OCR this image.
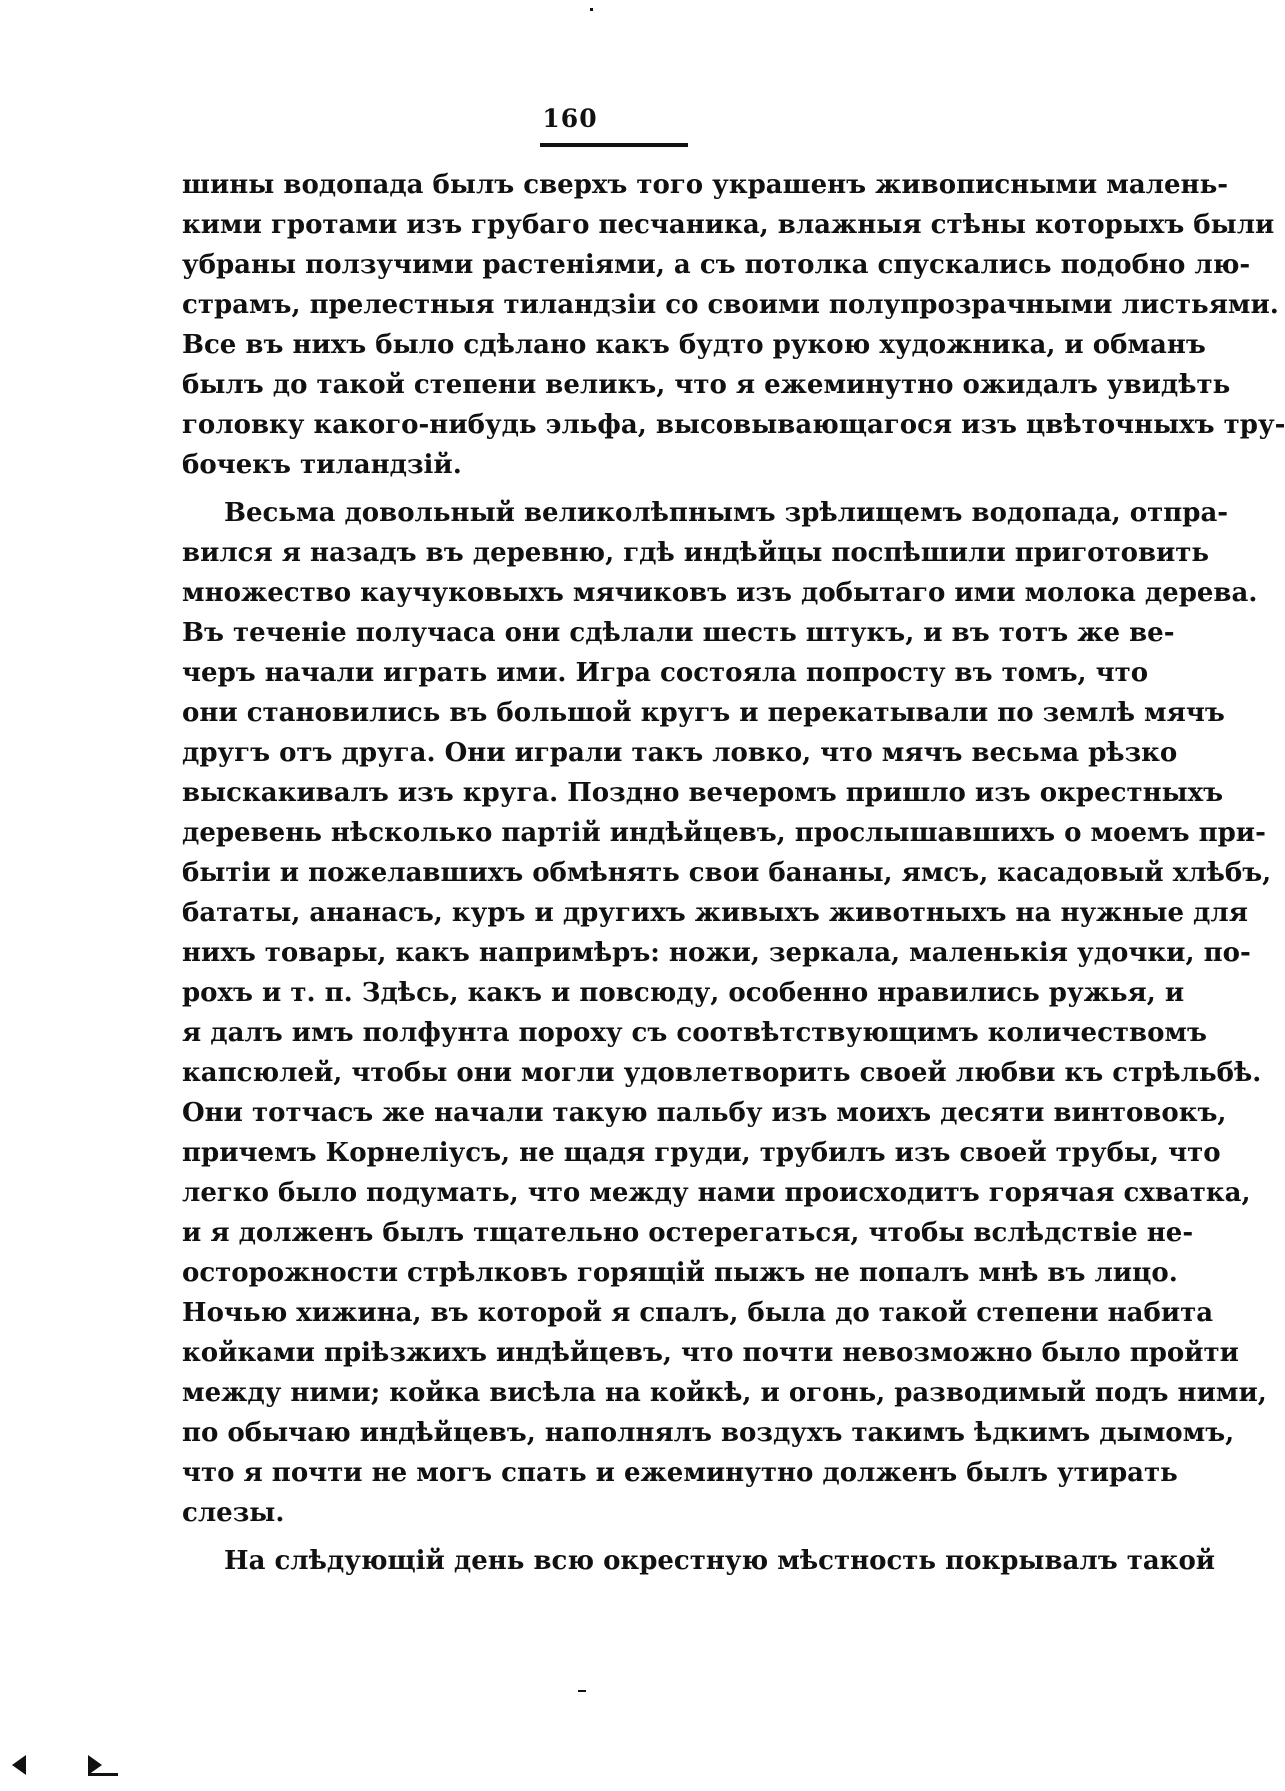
160
шины водопада былъ сверхъ того украшенъ живописными малень-
кими гротами изъ грубаго песчаника, влажныя стѣны которыхъ были
убраны ползучими растеніями, а съ потолка спускались подобно лю-
страмъ, прелестныя тиландзіи со своими полупрозрачными листьями.
Все въ нихъ было сдѣлано какъ будто рукою художника, и обманъ
былъ до такой степени великъ, что я ежеминутно ожидалъ увидѣть
головку какого-нибудь эльфа, высовывающагося изъ цвѣточныхъ тру-
бочекъ тиландзій.
Весьма довольный великолѣпнымъ зрѣлищемъ водопада, отпра-
вился я назадъ въ деревню, гдѣ индѣйцы поспѣшили приготовить
множество каучуковыхъ мячиковъ изъ добытаго ими молока дерева.
Въ теченіе получаса они сдѣлали шесть штукъ, и въ тотъ же ве-
черъ начали играть ими. Игра состояла попросту въ томъ, что
они становились въ большой кругъ и перекатывали по землѣ мячъ
другъ отъ друга. Они играли такъ ловко, что мячъ весьма рѣзко
выскакивалъ изъ круга. Поздно вечеромъ пришло изъ окрестныхъ
деревень нѣсколько партій индѣйцевъ, прослышавшихъ о моемъ при-
бытіи и пожелавшихъ обмѣнять свои бананы, ямсъ, касадовый хлѣбъ,
бататы, ананасъ, куръ и другихъ живыхъ животныхъ на нужные для
нихъ товары, какъ напримѣръ: ножи, зеркала, маленькія удочки, по-
рохъ и т. п. Здѣсь, какъ и повсюду, особенно нравились ружья, и
я далъ имъ полфунта пороху съ соотвѣтствующимъ количествомъ
капсюлей, чтобы они могли удовлетворить своей любви къ стрѣльбѣ.
Они тотчасъ же начали такую пальбу изъ моихъ десяти винтовокъ,
причемъ Корнеліусъ, не щадя груди, трубилъ изъ своей трубы, что
легко было подумать, что между нами происходитъ горячая схватка,
и я долженъ былъ тщательно остерегаться, чтобы вслѣдствіе не-
осторожности стрѣлковъ горящій пыжъ не попалъ мнѣ въ лицо.
Ночью хижина, въ которой я спалъ, была до такой степени набита
койками пріѣзжихъ индѣйцевъ, что почти невозможно было пройти
между ними; койка висѣла на койкѣ, и огонь, разводимый подъ ними,
по обычаю индѣйцевъ, наполнялъ воздухъ такимъ ѣдкимъ дымомъ,
что я почти не могъ спать и ежеминутно долженъ былъ утирать
слезы.
На слѣдующій день всю окрестную мѣстность покрывалъ такой
